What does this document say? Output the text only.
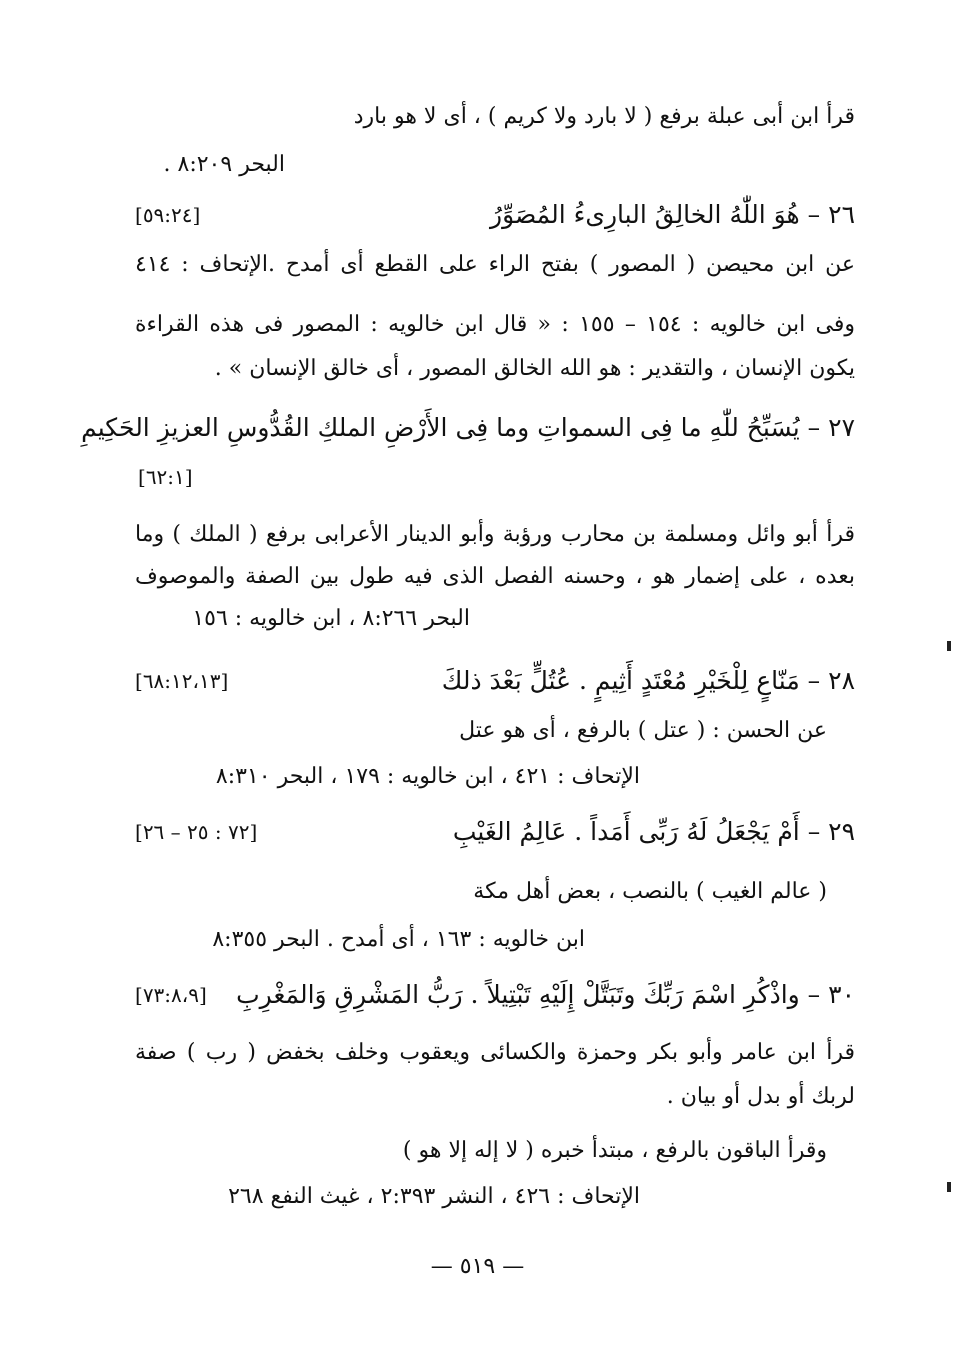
قرأ ابن أبى عبلة برفع ( لا بارد ولا كريم ) ، أى لا هو بارد
البحر ٨:٢٠٩ .
٢٦ – هُوَ اللّٰهُ الخالِقُ البارِىءُ المُصَوِّرُ
[٥٩:٢٤]
عن ابن محيصن ( المصور ) بفتح الراء على القطع أى أمدح .الإتحاف : ٤١٤
وفى ابن خالويه : ١٥٤ – ١٥٥ : « قال ابن خالويه : المصور فى هذه القراءة
يكون الإنسان ، والتقدير : هو الله الخالق المصور ، أى خالق الإنسان » .
٢٧ – يُسَبِّحُ للّٰهِ ما فِى السمواتِ وما فِى الأَرْضِ الملكِ القُدُّوسِ العزيزِ الحَكِيمِ
[٦٢:١]
قرأ أبو وائل ومسلمة بن محارب ورؤبة وأبو الدينار الأعرابى برفع ( الملك ) وما
بعده ، على إضمار هو ، وحسنه الفصل الذى فيه طول بين الصفة والموصوف
البحر ٨:٢٦٦ ، ابن خالويه : ١٥٦
٢٨ – مَنّاعٍ لِلْخَيْرِ مُعْتَدٍ أَثِيمٍ . عُتُلٍّ بَعْدَ ذلكَ
[٦٨:١٢،١٣]
عن الحسن : ( عتل ) بالرفع ، أى هو عتل
الإتحاف : ٤٢١ ، ابن خالويه : ١٧٩ ، البحر ٨:٣١٠
٢٩ – أَمْ يَجْعَلُ لَهُ رَبِّى أَمَداً . عَالِمُ الغَيْبِ
[٧٢ : ٢٥ – ٢٦]
( عالم الغيب ) بالنصب ، بعض أهل مكة
ابن خالويه : ١٦٣ ، أى أمدح . البحر ٨:٣٥٥
٣٠ – واذْكُرِ اسْمَ رَبِّكَ وتَبَتَّلْ إِلَيْهِ تَبْتِيلاً . رَبُّ المَشْرِقِ وَالمَغْرِبِ
[٧٣:٨،٩]
قرأ ابن عامر وأبو بكر وحمزة والكسائى ويعقوب وخلف بخفض ( رب ) صفة
لربك أو بدل أو بيان .
وقرأ الباقون بالرفع ، مبتدأ خبره ( لا إله إلا هو )
الإتحاف : ٤٢٦ ، النشر ٢:٣٩٣ ، غيث النفع ٢٦٨
— ٥١٩ —
